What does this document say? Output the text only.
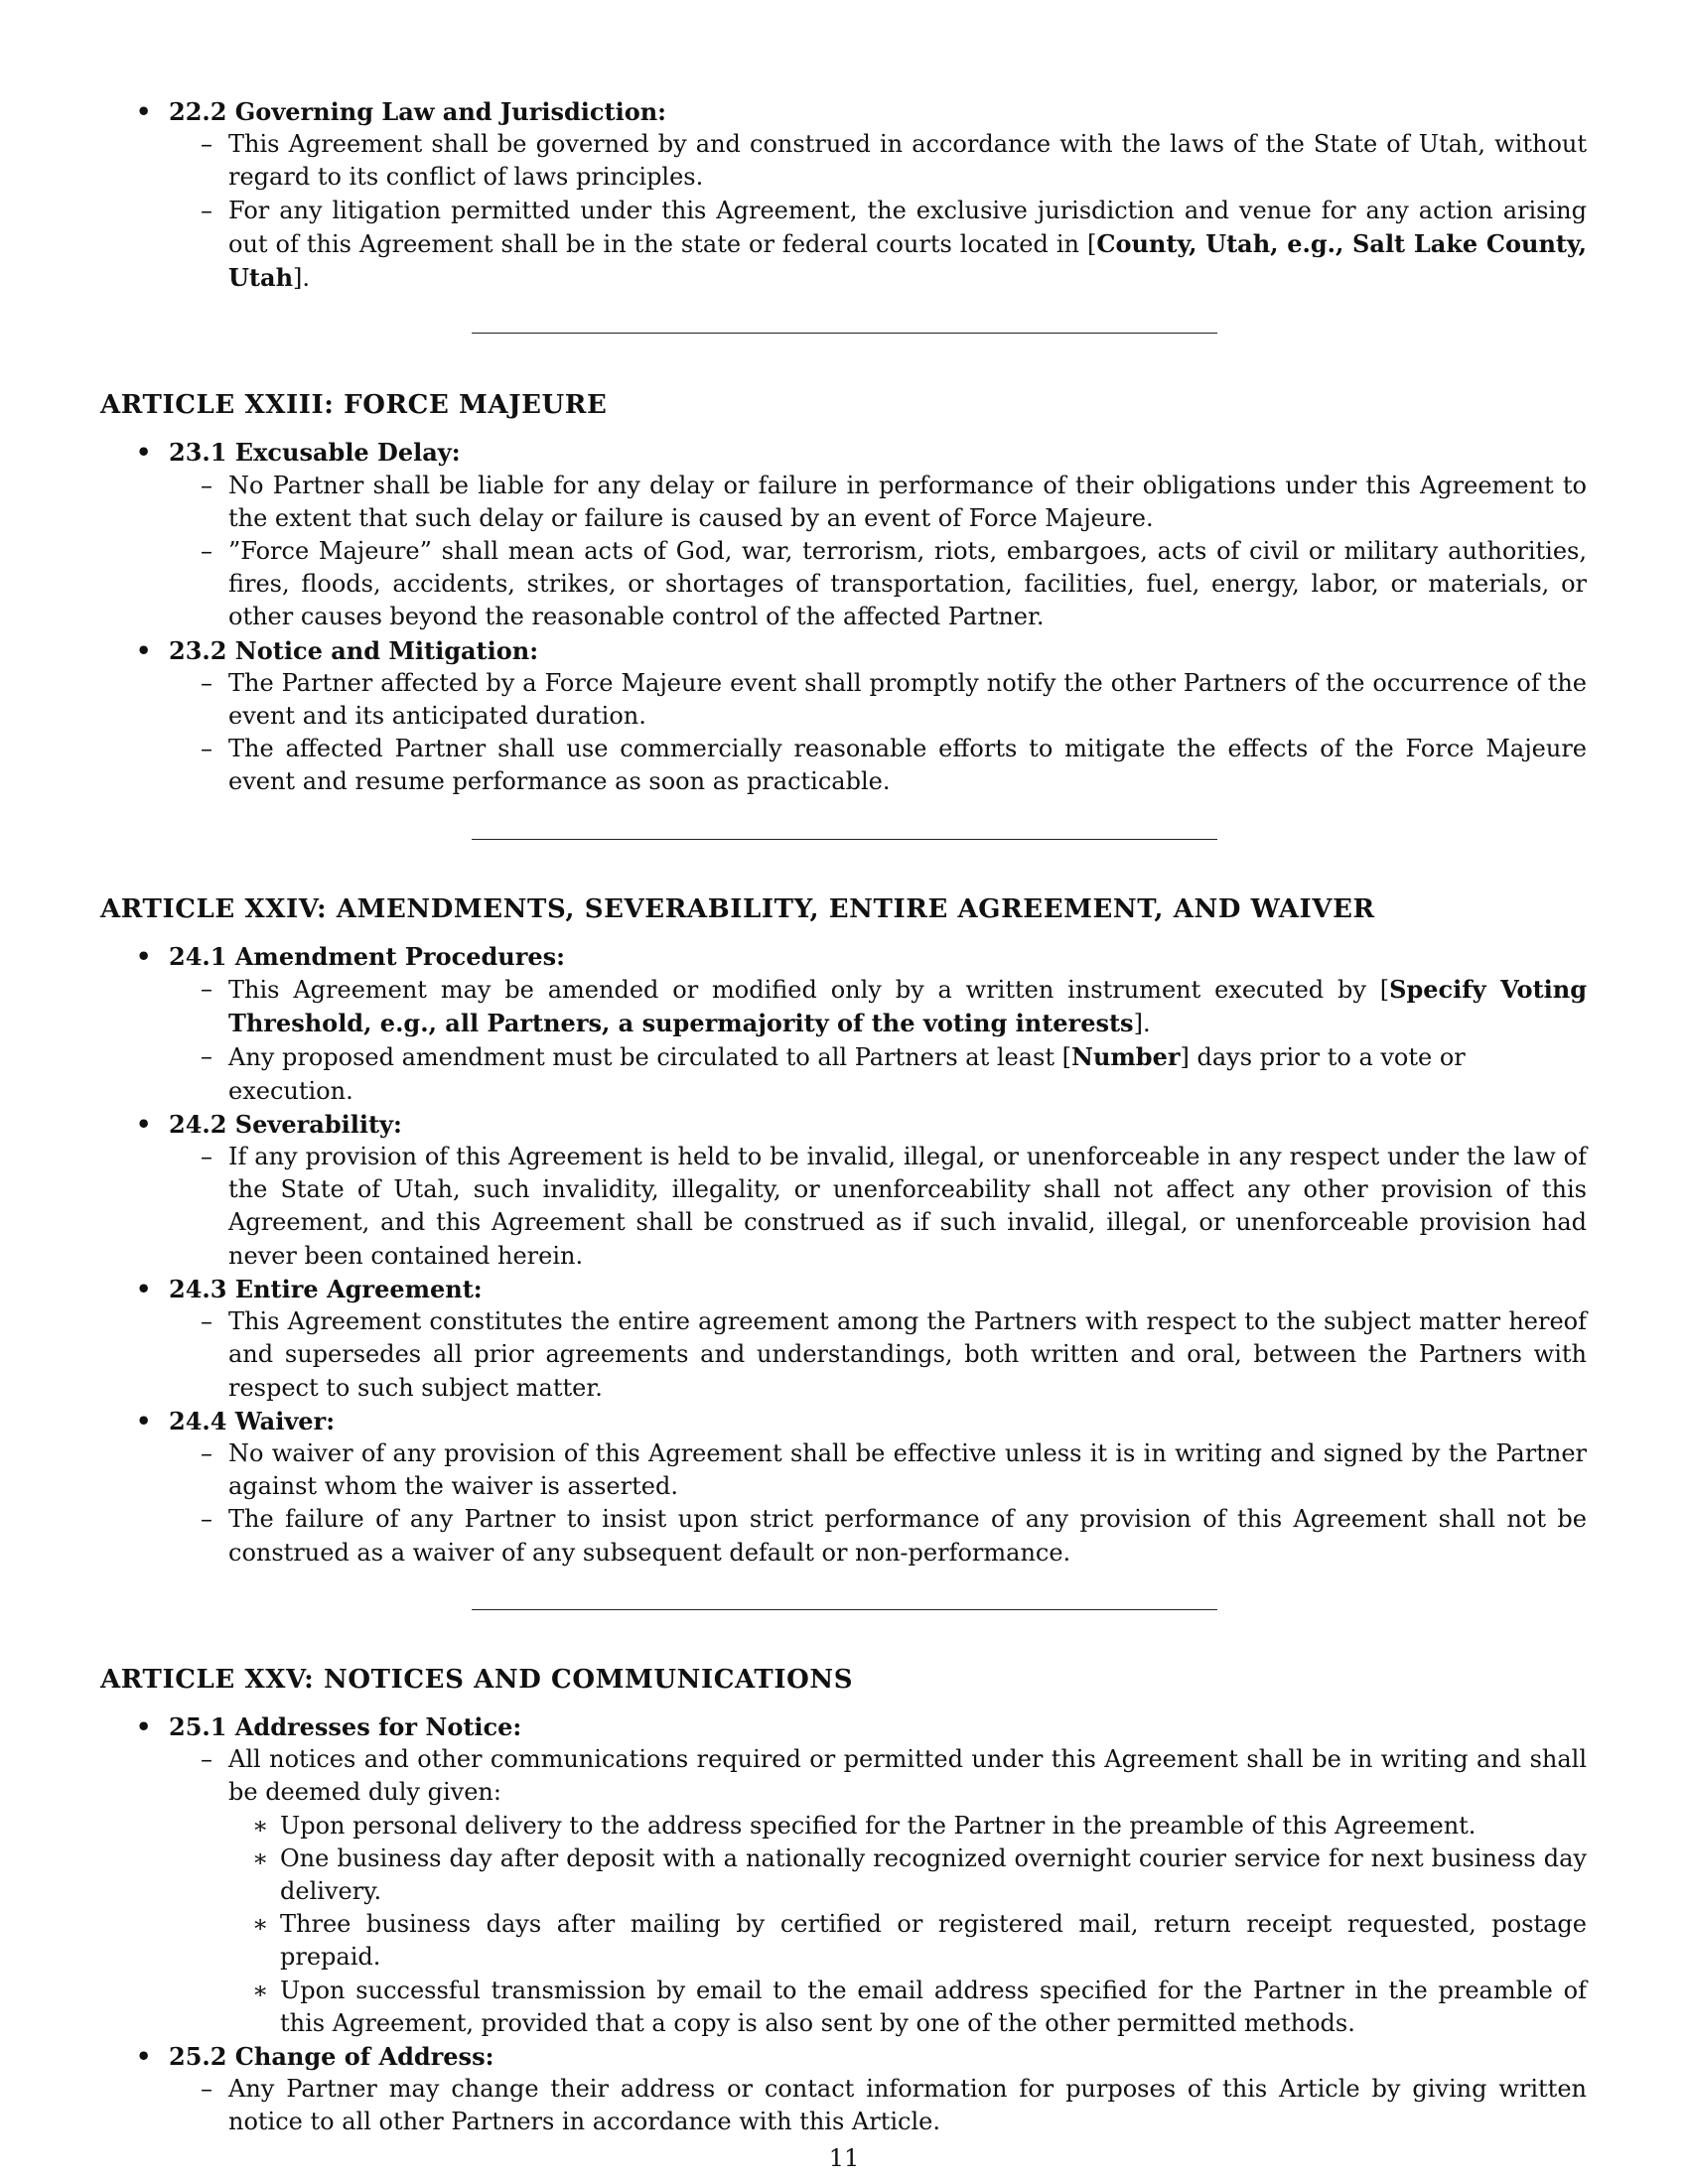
• 22.2 Governing Law and Jurisdiction:
– This Agreement shall be governed by and construed in accordance with the laws of the State of Utah, without regard to its conflict of laws principles.
– For any litigation permitted under this Agreement, the exclusive jurisdiction and venue for any action arising out of this Agreement shall be in the state or federal courts located in [County, Utah, e.g., Salt Lake County, Utah].
ARTICLE XXIII: FORCE MAJEURE
• 23.1 Excusable Delay:
– No Partner shall be liable for any delay or failure in performance of their obligations under this Agreement to the extent that such delay or failure is caused by an event of Force Majeure.
– ”Force Majeure” shall mean acts of God, war, terrorism, riots, embargoes, acts of civil or military authorities, fires, floods, accidents, strikes, or shortages of transportation, facilities, fuel, energy, labor, or materials, or other causes beyond the reasonable control of the affected Partner.
• 23.2 Notice and Mitigation:
– The Partner affected by a Force Majeure event shall promptly notify the other Partners of the occurrence of the event and its anticipated duration.
– The affected Partner shall use commercially reasonable efforts to mitigate the effects of the Force Majeure event and resume performance as soon as practicable.
ARTICLE XXIV: AMENDMENTS, SEVERABILITY, ENTIRE AGREEMENT, AND WAIVER
• 24.1 Amendment Procedures:
– This Agreement may be amended or modified only by a written instrument executed by [Specify Voting Threshold, e.g., all Partners, a supermajority of the voting interests].
– Any proposed amendment must be circulated to all Partners at least [Number] days prior to a vote or execution.
• 24.2 Severability:
– If any provision of this Agreement is held to be invalid, illegal, or unenforceable in any respect under the law of the State of Utah, such invalidity, illegality, or unenforceability shall not affect any other provision of this Agreement, and this Agreement shall be construed as if such invalid, illegal, or unenforceable provision had never been contained herein.
• 24.3 Entire Agreement:
– This Agreement constitutes the entire agreement among the Partners with respect to the subject matter hereof and supersedes all prior agreements and understandings, both written and oral, between the Partners with respect to such subject matter.
• 24.4 Waiver:
– No waiver of any provision of this Agreement shall be effective unless it is in writing and signed by the Partner against whom the waiver is asserted.
– The failure of any Partner to insist upon strict performance of any provision of this Agreement shall not be construed as a waiver of any subsequent default or non-performance.
ARTICLE XXV: NOTICES AND COMMUNICATIONS
• 25.1 Addresses for Notice:
– All notices and other communications required or permitted under this Agreement shall be in writing and shall be deemed duly given:
∗ Upon personal delivery to the address specified for the Partner in the preamble of this Agreement.
∗ One business day after deposit with a nationally recognized overnight courier service for next business day delivery.
∗ Three business days after mailing by certified or registered mail, return receipt requested, postage prepaid.
∗ Upon successful transmission by email to the email address specified for the Partner in the preamble of this Agreement, provided that a copy is also sent by one of the other permitted methods.
• 25.2 Change of Address:
– Any Partner may change their address or contact information for purposes of this Article by giving written notice to all other Partners in accordance with this Article.
11
